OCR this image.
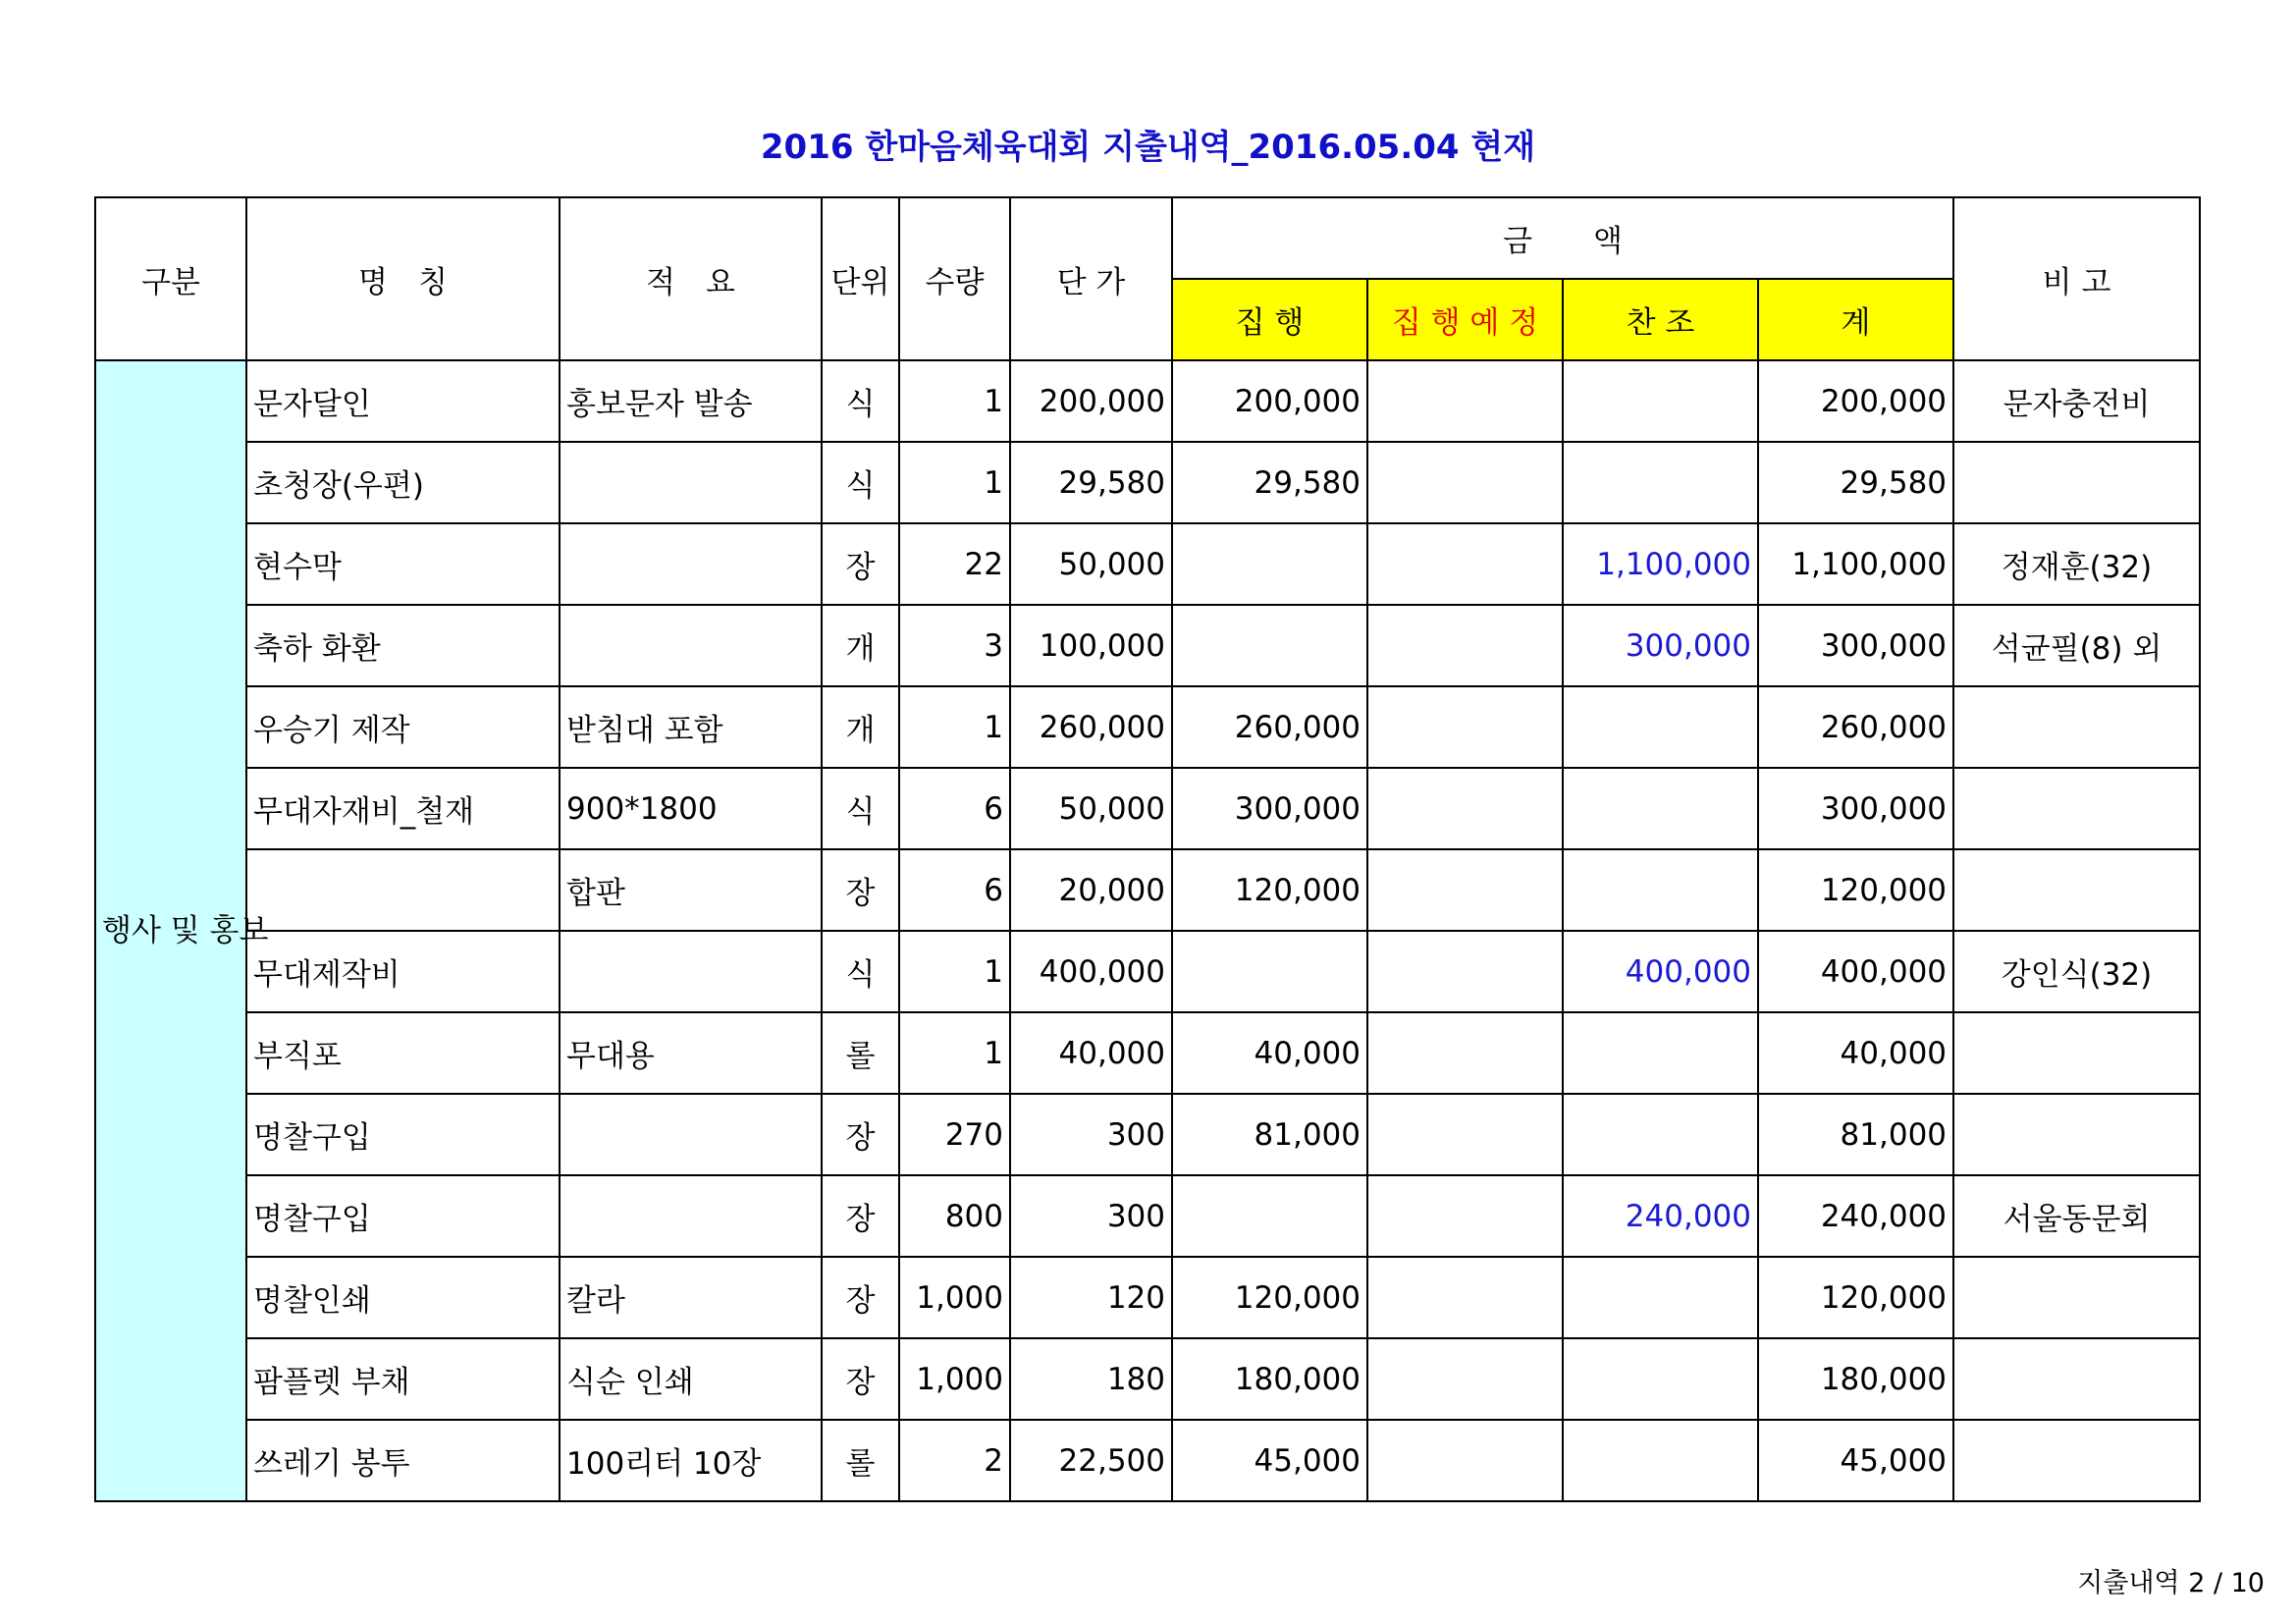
2016 한마음체육대회 지출내역_2016.05.04 현재
구분	명　칭	적　요	단위	수량	단 가	금　　액				비 고
						집 행	집 행 예 정	찬 조	계	
행사 및 홍보	문자달인	홍보문자 발송	식	1	200,000	200,000			200,000	문자충전비
	초청장(우편)		식	1	29,580	29,580			29,580	
	현수막		장	22	50,000			1,100,000	1,100,000	정재훈(32)
	축하 화환		개	3	100,000			300,000	300,000	석균필(8) 외
	우승기 제작	받침대 포함	개	1	260,000	260,000			260,000	
	무대자재비_철재	900*1800	식	6	50,000	300,000			300,000	
		합판	장	6	20,000	120,000			120,000	
	무대제작비		식	1	400,000			400,000	400,000	강인식(32)
	부직포	무대용	롤	1	40,000	40,000			40,000	
	명찰구입		장	270	300	81,000			81,000	
	명찰구입		장	800	300			240,000	240,000	서울동문회
	명찰인쇄	칼라	장	1,000	120	120,000			120,000	
	팜플렛 부채	식순 인쇄	장	1,000	180	180,000			180,000	
	쓰레기 봉투	100리터 10장	롤	2	22,500	45,000			45,000	
지출내역 2 / 10
